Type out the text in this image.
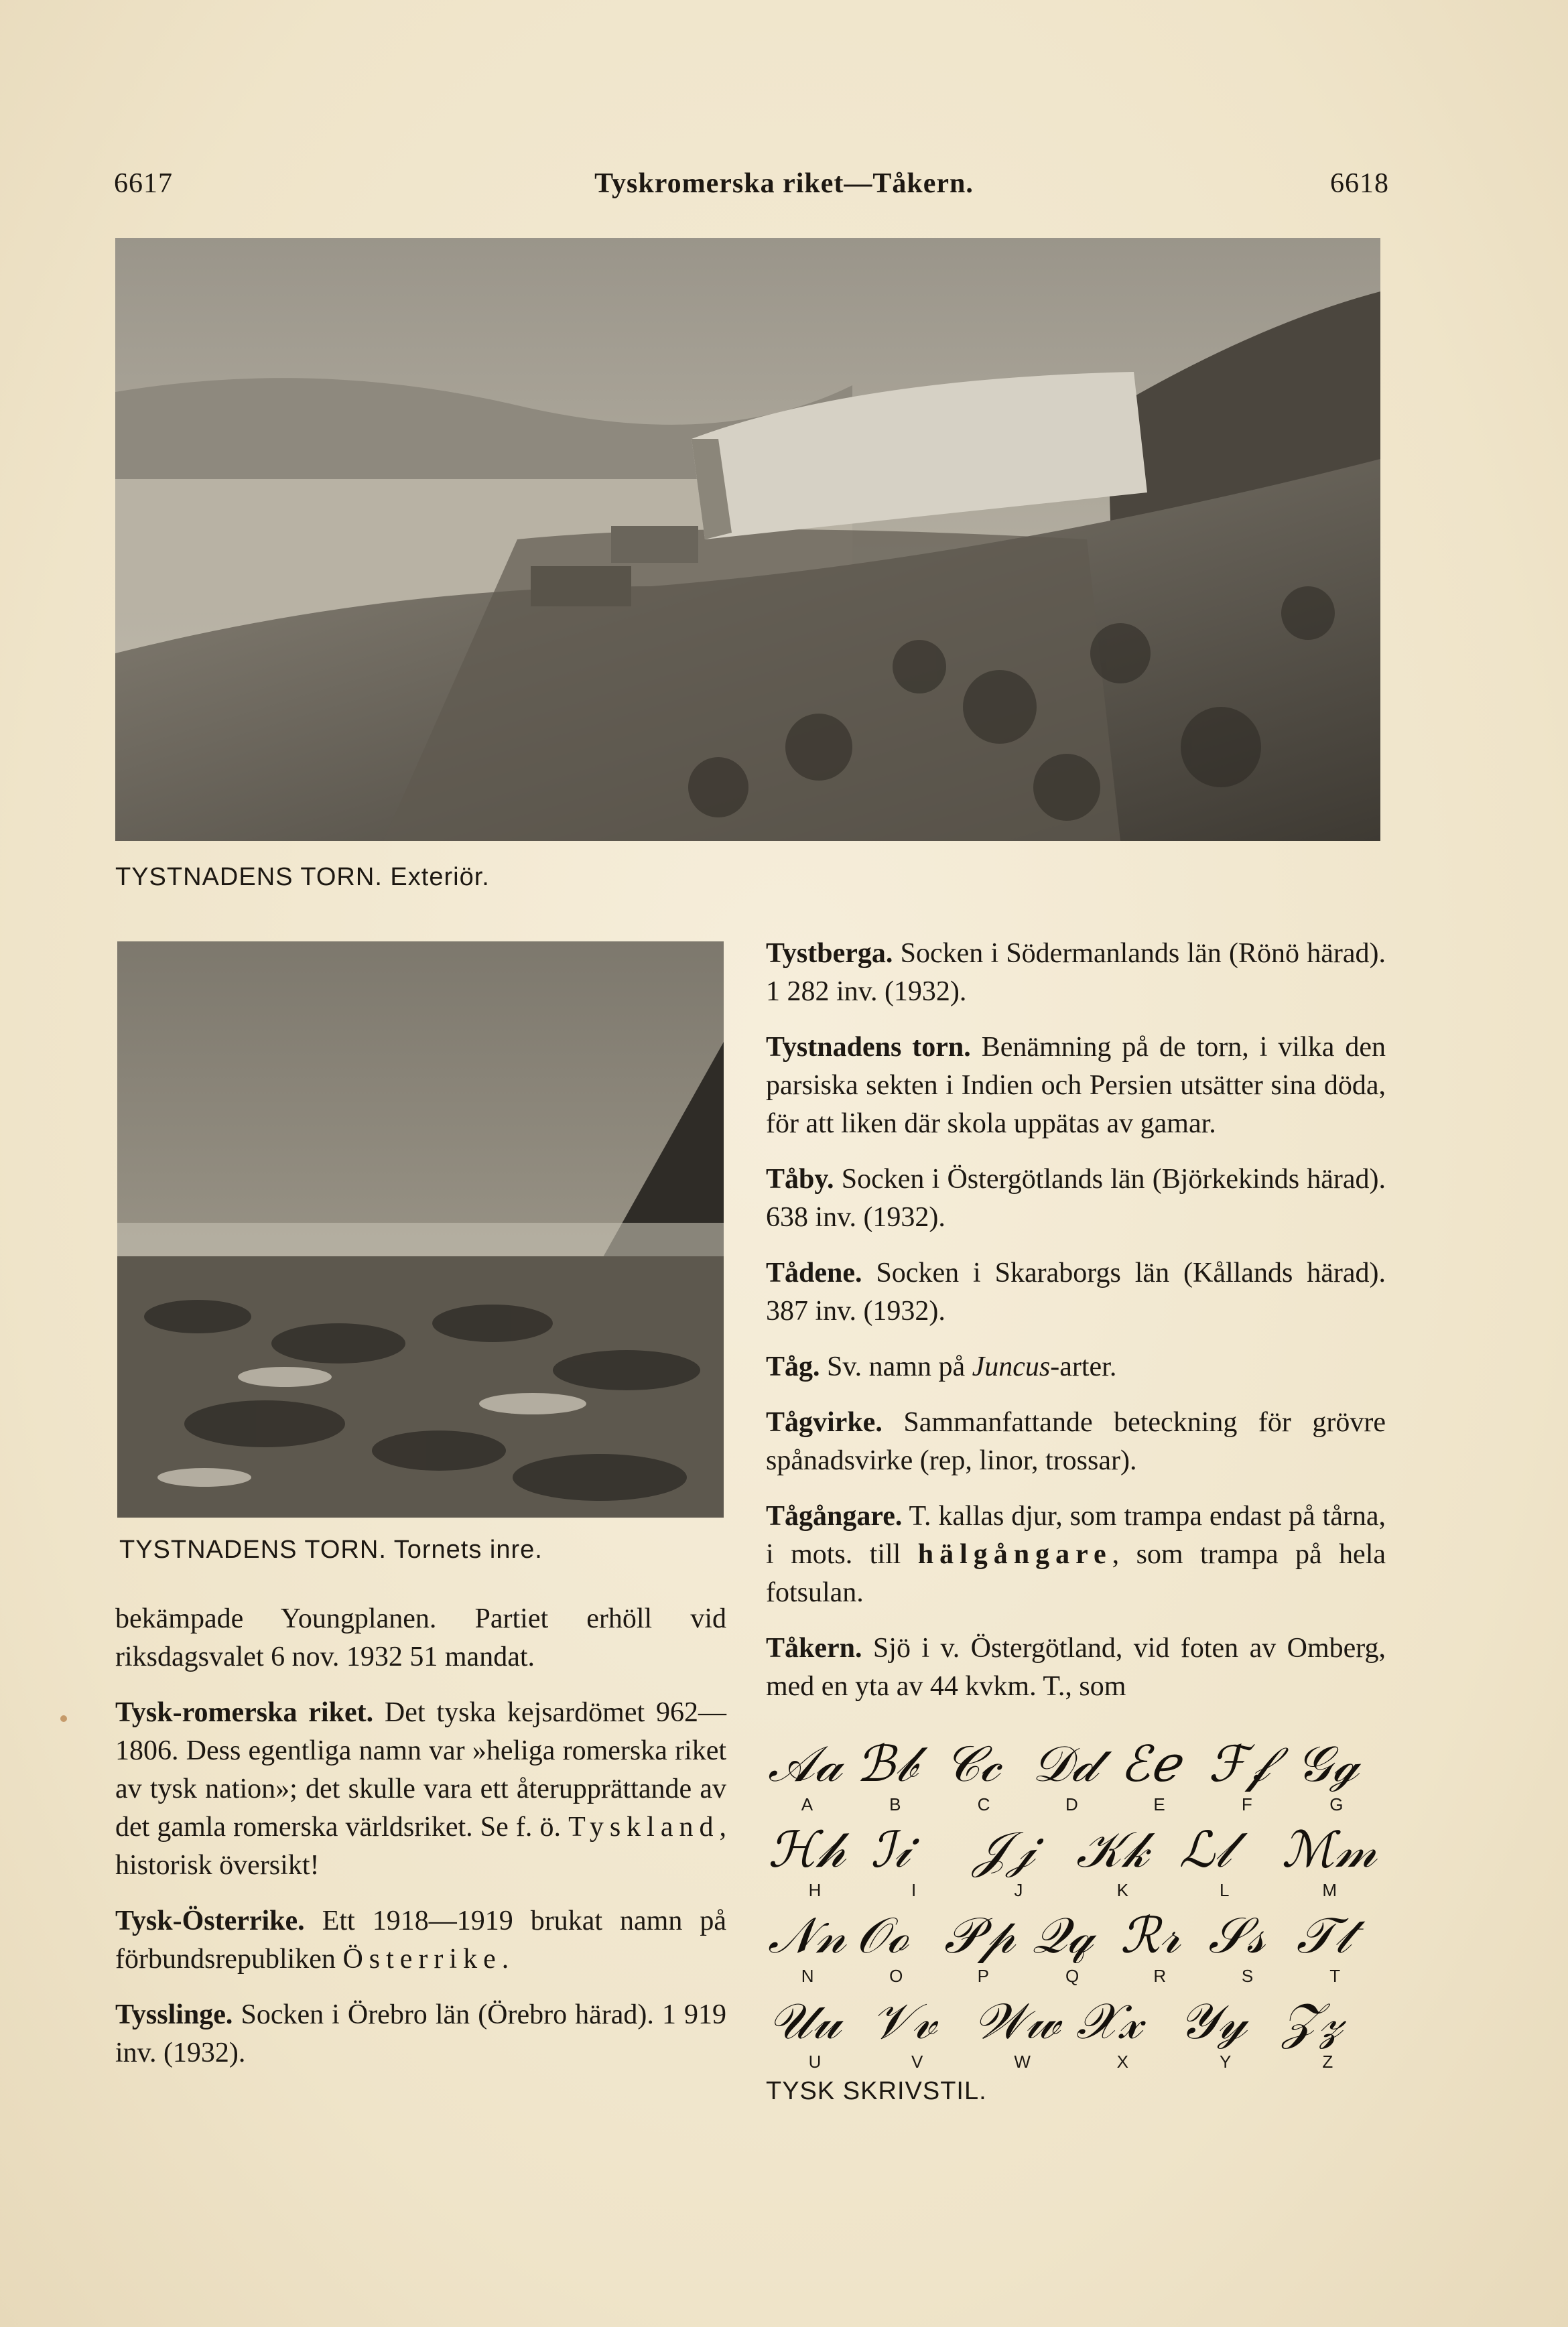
6617	Tyskromerska riket—Tåkern.	6618
TYSTNADENS TORN. Exteriör.
TYSTNADENS TORN. Tornets inre.

bekämpade Youngplanen. Partiet erhöll vid riksdagsvalet 6 nov. 1932 51 mandat.

Tysk-romerska riket. Det tyska kejsardömet 962—1806. Dess egentliga namn var »heliga romerska riket av tysk nation»; det skulle vara ett återupprättande av det gamla romerska världsriket. Se f. ö. Tyskland, historisk översikt!

Tysk-Österrike. Ett 1918—1919 brukat namn på förbundsrepubliken Österrike.

Tysslinge. Socken i Örebro län (Örebro härad). 1 919 inv. (1932).

Tystberga. Socken i Södermanlands län (Rönö härad). 1 282 inv. (1932).

Tystnadens torn. Benämning på de torn, i vilka den parsiska sekten i Indien och Persien utsätter sina döda, för att liken där skola uppätas av gamar.

Tåby. Socken i Östergötlands län (Björkekinds härad). 638 inv. (1932).

Tådene. Socken i Skaraborgs län (Kållands härad). 387 inv. (1932).

Tåg. Sv. namn på Juncus-arter.

Tågvirke. Sammanfattande beteckning för grövre spånadsvirke (rep, linor, trossar).

Tågångare. T. kallas djur, som trampa endast på tårna, i mots. till hälgångare, som trampa på hela fotsulan.

Tåkern. Sjö i v. Östergötland, vid foten av Omberg, med en yta av 44 kvkm. T., som

𝒜𝒶
A
ℬ𝒷
B
𝒞𝒸
C
𝒟𝒹
D
ℰℯ
E
ℱ𝒻
F
𝒢ℊ
G
ℋ𝒽
H
ℐ𝒾
I
𝒥𝒿
J
𝒦𝓀
K
ℒ𝓁
L
ℳ𝓂
M
𝒩𝓃
N
𝒪ℴ
O
𝒫𝓅
P
𝒬𝓆
Q
ℛ𝓇
R
𝒮𝓈
S
𝒯𝓉
T
𝒰𝓊
U
𝒱𝓋
V
𝒲𝓌
W
𝒳𝓍
X
𝒴𝓎
Y
𝒵𝓏
Z
TYSK SKRIVSTIL.
